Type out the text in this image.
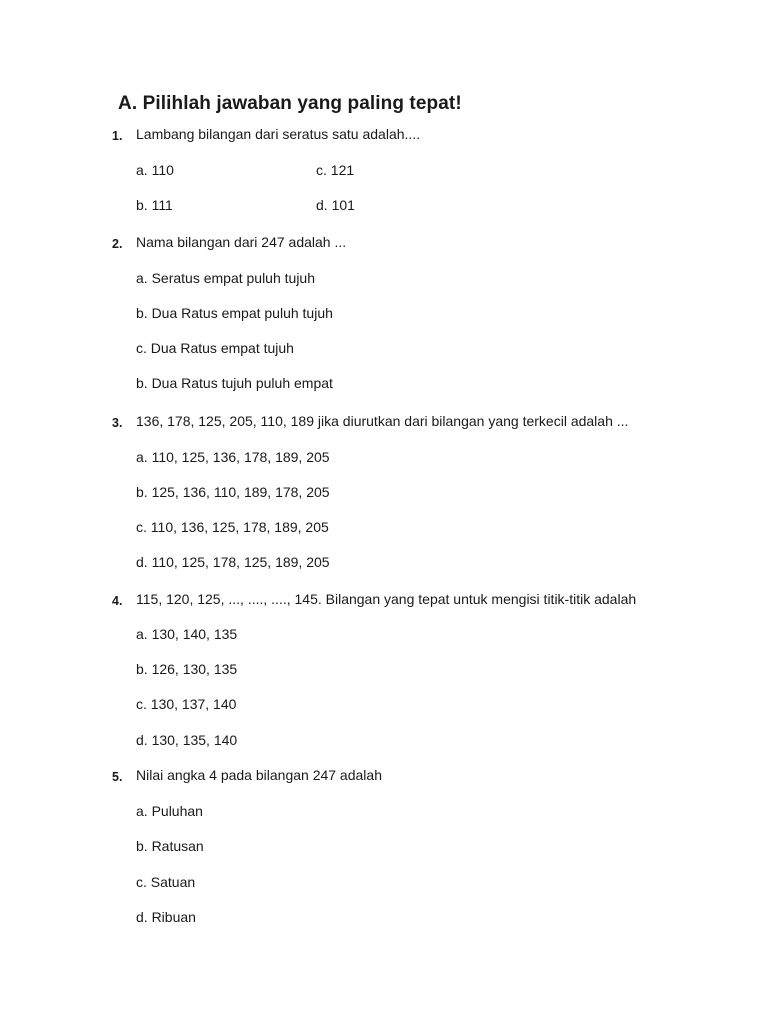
A. Pilihlah jawaban yang paling tepat!
1. Lambang bilangan dari seratus satu adalah....
a. 110	c. 121
b. 111	d. 101
2. Nama bilangan dari 247 adalah ...
a. Seratus empat puluh tujuh
b. Dua Ratus empat puluh tujuh
c. Dua Ratus empat tujuh
b. Dua Ratus tujuh puluh empat
3. 136, 178, 125, 205, 110, 189 jika diurutkan dari bilangan yang terkecil adalah ...
a. 110, 125, 136, 178, 189, 205
b. 125, 136, 110, 189, 178, 205
c. 110, 136, 125, 178, 189, 205
d. 110, 125, 178, 125, 189, 205
4. 115, 120, 125, ..., ...., ...., 145. Bilangan yang tepat untuk mengisi titik-titik adalah
a. 130, 140, 135
b. 126, 130, 135
c. 130, 137, 140
d. 130, 135, 140
5. Nilai angka 4 pada bilangan 247 adalah
a. Puluhan
b. Ratusan
c. Satuan
d. Ribuan
